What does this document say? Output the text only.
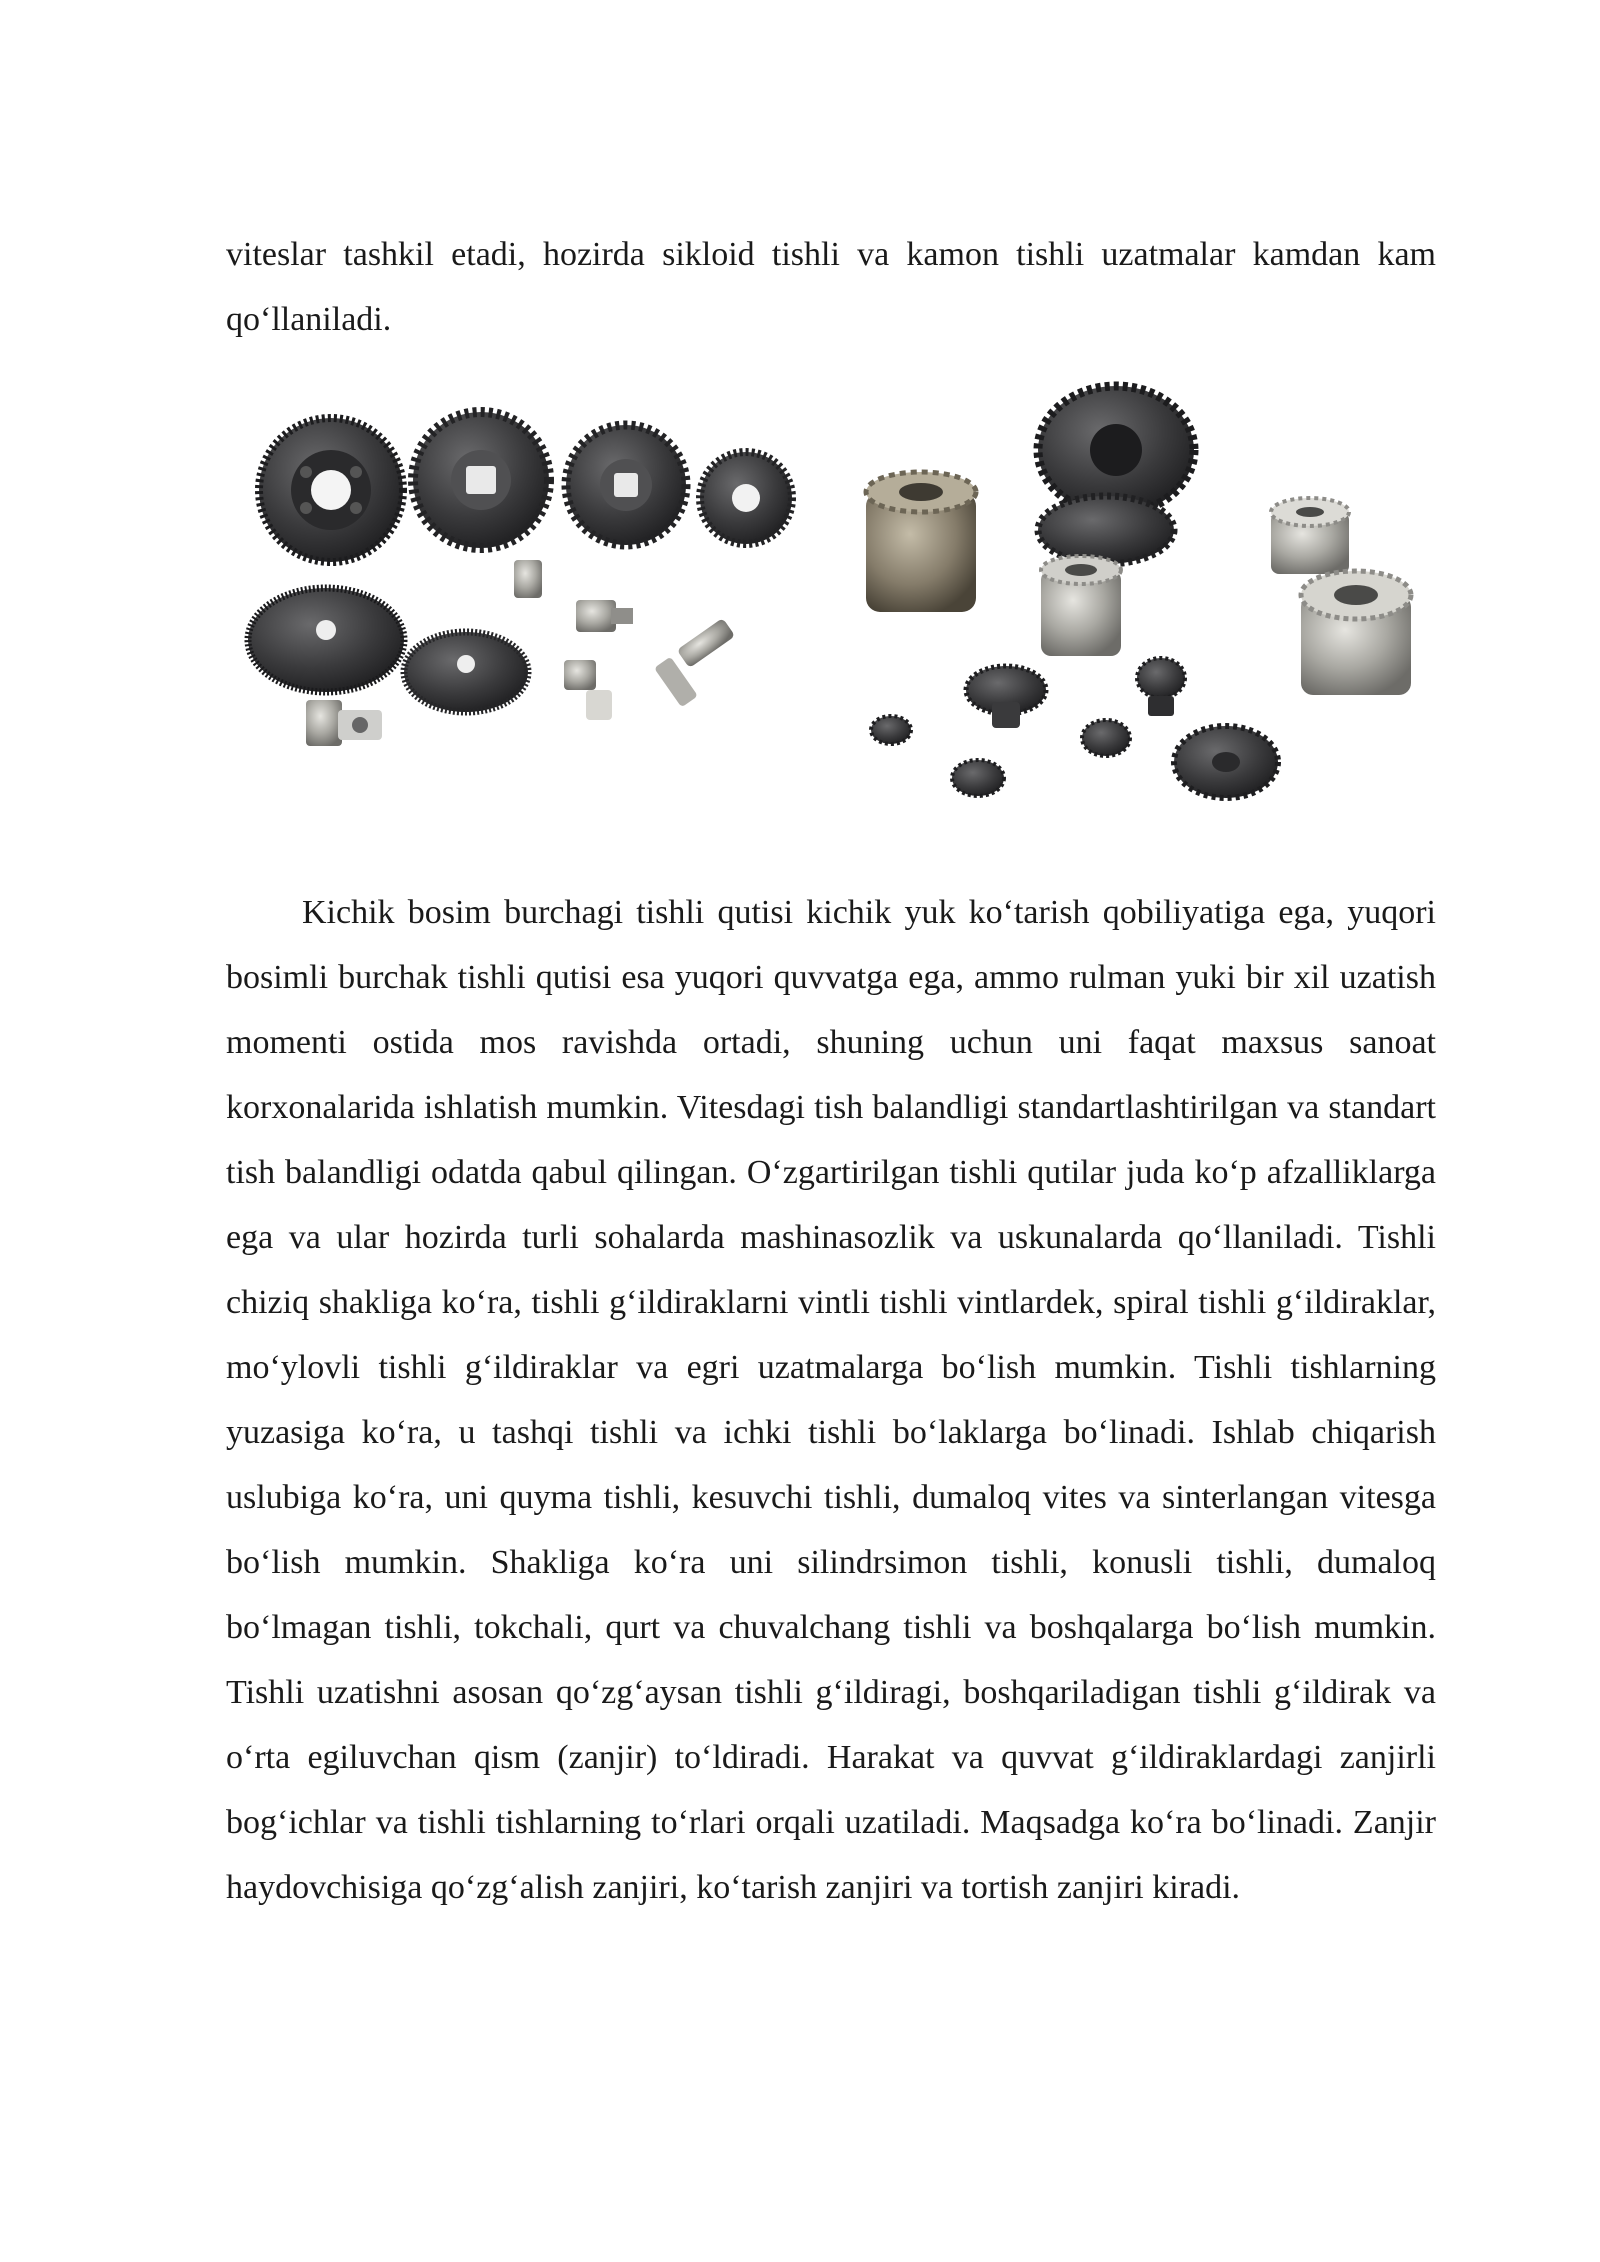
viteslar tashkil etadi, hozirda sikloid tishli va kamon tishli uzatmalar kamdan kam qo‘llaniladi.

Kichik bosim burchagi tishli qutisi kichik yuk ko‘tarish qobiliyatiga ega, yuqori bosimli burchak tishli qutisi esa yuqori quvvatga ega, ammo rulman yuki bir xil uzatish momenti ostida mos ravishda ortadi, shuning uchun uni faqat maxsus sanoat korxonalarida ishlatish mumkin. Vitesdagi tish balandligi standartlashtirilgan va standart tish balandligi odatda qabul qilingan. O‘zgartirilgan tishli qutilar juda ko‘p afzalliklarga ega va ular hozirda turli sohalarda mashinasozlik va uskunalarda qo‘llaniladi. Tishli chiziq shakliga ko‘ra, tishli g‘ildiraklarni vintli tishli vintlardek, spiral tishli g‘ildiraklar, mo‘ylovli tishli g‘ildiraklar va egri uzatmalarga bo‘lish mumkin. Tishli tishlarning yuzasiga ko‘ra, u tashqi tishli va ichki tishli bo‘laklarga bo‘linadi. Ishlab chiqarish uslubiga ko‘ra, uni quyma tishli, kesuvchi tishli, dumaloq vites va sinterlangan vitesga bo‘lish mumkin. Shakliga ko‘ra uni silindrsimon tishli, konusli tishli, dumaloq bo‘lmagan tishli, tokchali, qurt va chuvalchang tishli va boshqalarga bo‘lish mumkin. Tishli uzatishni asosan qo‘zg‘aysan tishli g‘ildiragi, boshqariladigan tishli g‘ildirak va o‘rta egiluvchan qism (zanjir) to‘ldiradi. Harakat va quvvat g‘ildiraklardagi zanjirli bog‘ichlar va tishli tishlarning to‘rlari orqali uzatiladi. Maqsadga ko‘ra bo‘linadi. Zanjir haydovchisiga qo‘zg‘alish zanjiri, ko‘tarish zanjiri va tortish zanjiri kiradi.
